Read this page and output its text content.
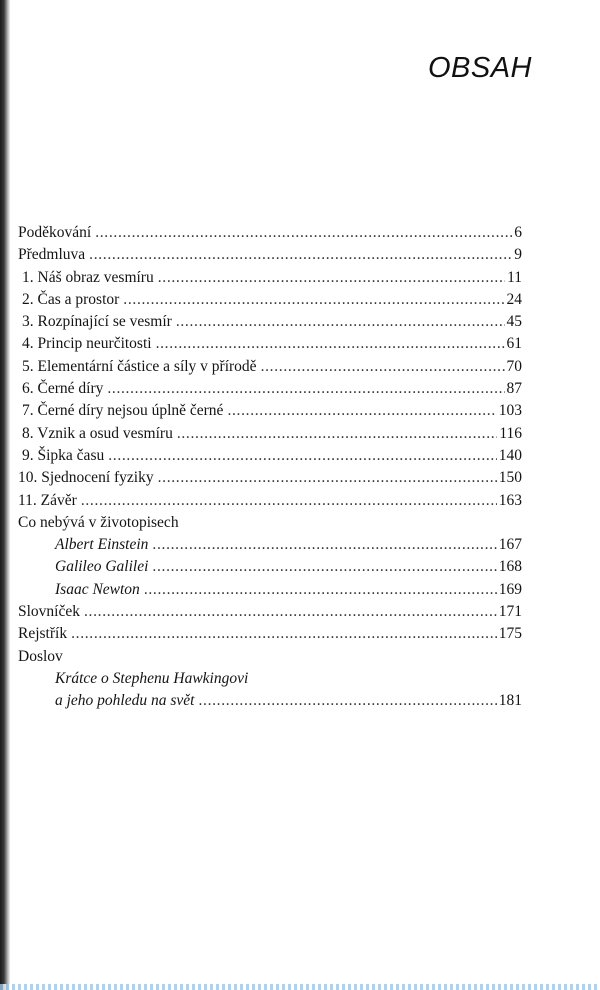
OBSAH
Poděkování . . .	6
Předmluva . . .	9
1. Náš obraz vesmíru . . .	11
2. Čas a prostor . . .	24
3. Rozpínající se vesmír . . .	45
4. Princip neurčitosti . . .	61
5. Elementární částice a síly v přírodě . . .	70
6. Černé díry . . .	87
7. Černé díry nejsou úplně černé . . .	103
8. Vznik a osud vesmíru . . .	116
9. Šipka času . . .	140
10. Sjednocení fyziky . . .	150
11. Závěr . . .	163
Co nebývá v životopisech
Albert Einstein . . .	167
Galileo Galilei . . .	168
Isaac Newton . . .	169
Slovníček . . .	171
Rejstřík . . .	175
Doslov
Krátce o Stephenu Hawkingovi
a jeho pohledu na svět . . .	181
